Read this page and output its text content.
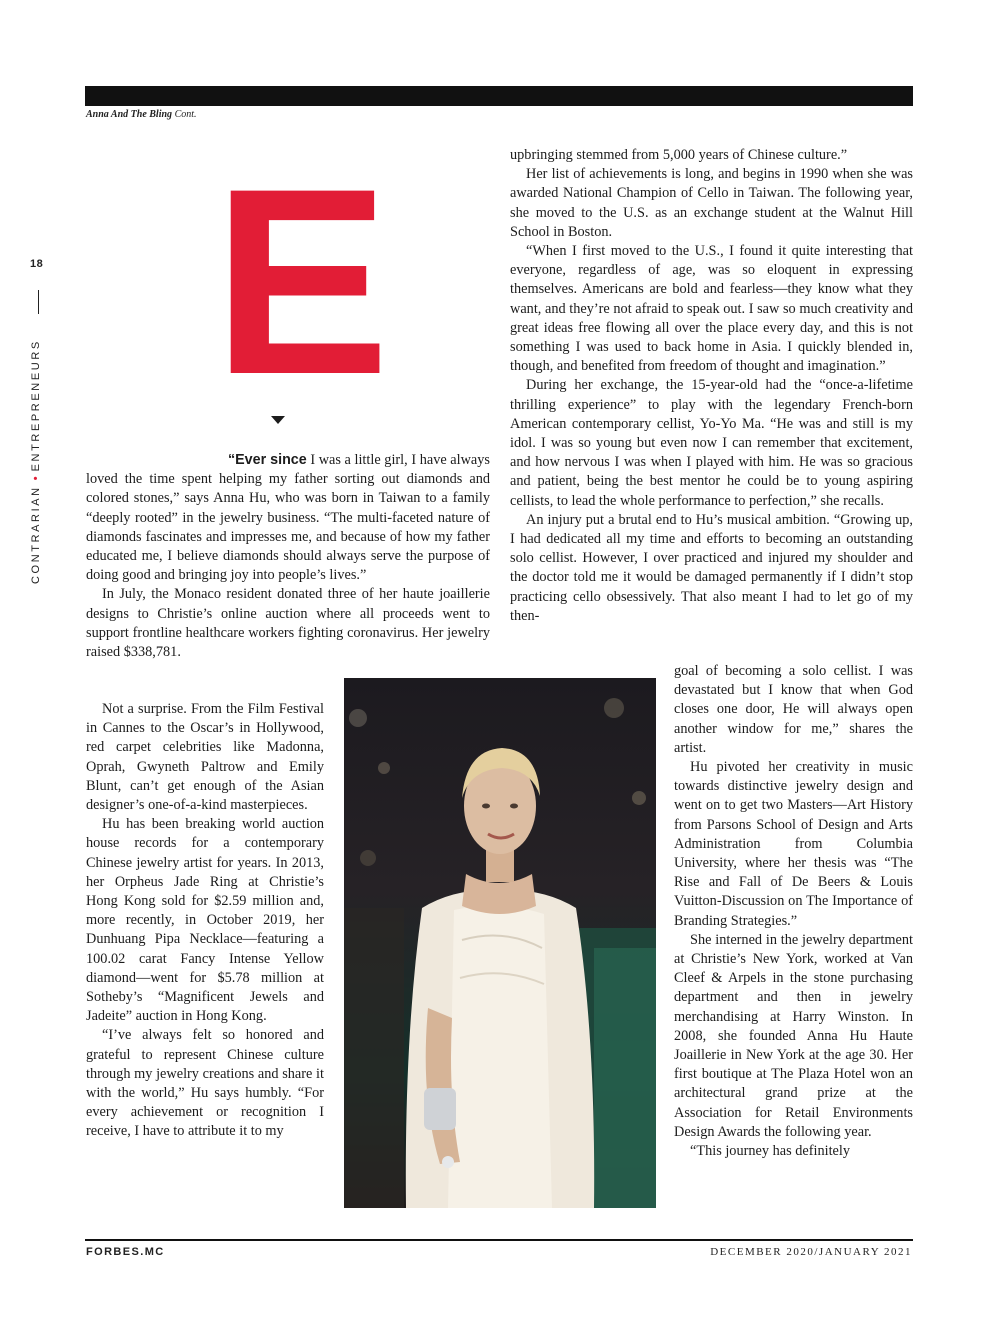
Anna And The Bling Cont.
18
CONTRARIAN•ENTREPRENEURS E

“Ever since I was a little girl, I have always loved the time spent helping my father sorting out diamonds and colored stones,” says Anna Hu, who was born in Taiwan to a family “deeply rooted” in the jewelry business. “The multi-faceted nature of diamonds fascinates and impresses me, and because of how my father educated me, I believe diamonds should always serve the purpose of doing good and bringing joy into people’s lives.”

In July, the Monaco resident donated three of her haute joaillerie designs to Christie’s online auction where all proceeds went to support frontline healthcare workers fighting coronavirus. Her jewelry raised $338,781.

Not a surprise. From the Film Festival in Cannes to the Oscar’s in Hollywood, red carpet celebrities like Madonna, Oprah, Gwyneth Paltrow and Emily Blunt, can’t get enough of the Asian designer’s one-of-a-kind masterpieces.

Hu has been breaking world auction house records for a contemporary Chinese jewelry artist for years. In 2013, her Orpheus Jade Ring at Christie’s Hong Kong sold for $2.59 million and, more recently, in October 2019, her Dunhuang Pipa Necklace—featuring a 100.02 carat Fancy Intense Yellow diamond—went for $5.78 million at Sotheby’s “Magnificent Jewels and Jadeite” auction in Hong Kong.

“I’ve always felt so honored and grateful to represent Chinese culture through my jewelry creations and share it with the world,” Hu says humbly. “For every achievement or recognition I receive, I have to attribute it to my

upbringing stemmed from 5,000 years of Chinese culture.”

Her list of achievements is long, and begins in 1990 when she was awarded National Champion of Cello in Taiwan. The following year, she moved to the U.S. as an exchange student at the Walnut Hill School in Boston.

“When I first moved to the U.S., I found it quite interesting that everyone, regardless of age, was so eloquent in expressing themselves. Americans are bold and fearless—they know what they want, and they’re not afraid to speak out. I saw so much creativity and great ideas free flowing all over the place every day, and this is not something I was used to back home in Asia. I quickly blended in, though, and benefited from freedom of thought and imagination.”

During her exchange, the 15-year-old had the “once-a-lifetime thrilling experience” to play with the legendary French-born American contemporary cellist, Yo-Yo Ma. “He was and still is my idol. I was so young but even now I can remember that excitement, and how nervous I was when I played with him. He was so gracious and patient, being the best mentor he could be to young aspiring cellists, to lead the whole performance to perfection,” she recalls.

An injury put a brutal end to Hu’s musical ambition. “Growing up, I had dedicated all my time and efforts to becoming an outstanding solo cellist. However, I over practiced and injured my shoulder and the doctor told me it would be damaged permanently if I didn’t stop practicing cello obsessively. That also meant I had to let go of my then-

goal of becoming a solo cellist. I was devastated but I know that when God closes one door, He will always open another window for me,” shares the artist.

Hu pivoted her creativity in music towards distinctive jewelry design and went on to get two Masters—Art History from Parsons School of Design and Arts Administration from Columbia University, where her thesis was “The Rise and Fall of De Beers & Louis Vuitton-Discussion on The Importance of Branding Strategies.”

She interned in the jewelry department at Christie’s New York, worked at Van Cleef & Arpels in the stone purchasing department and then in jewelry merchandising at Harry Winston. In 2008, she founded Anna Hu Haute Joaillerie in New York at the age 30. Her first boutique at The Plaza Hotel won an architectural grand prize at the Association for Retail Environments Design Awards the following year.

“This journey has definitely

FORBES.MC	DECEMBER 2020/JANUARY 2021
